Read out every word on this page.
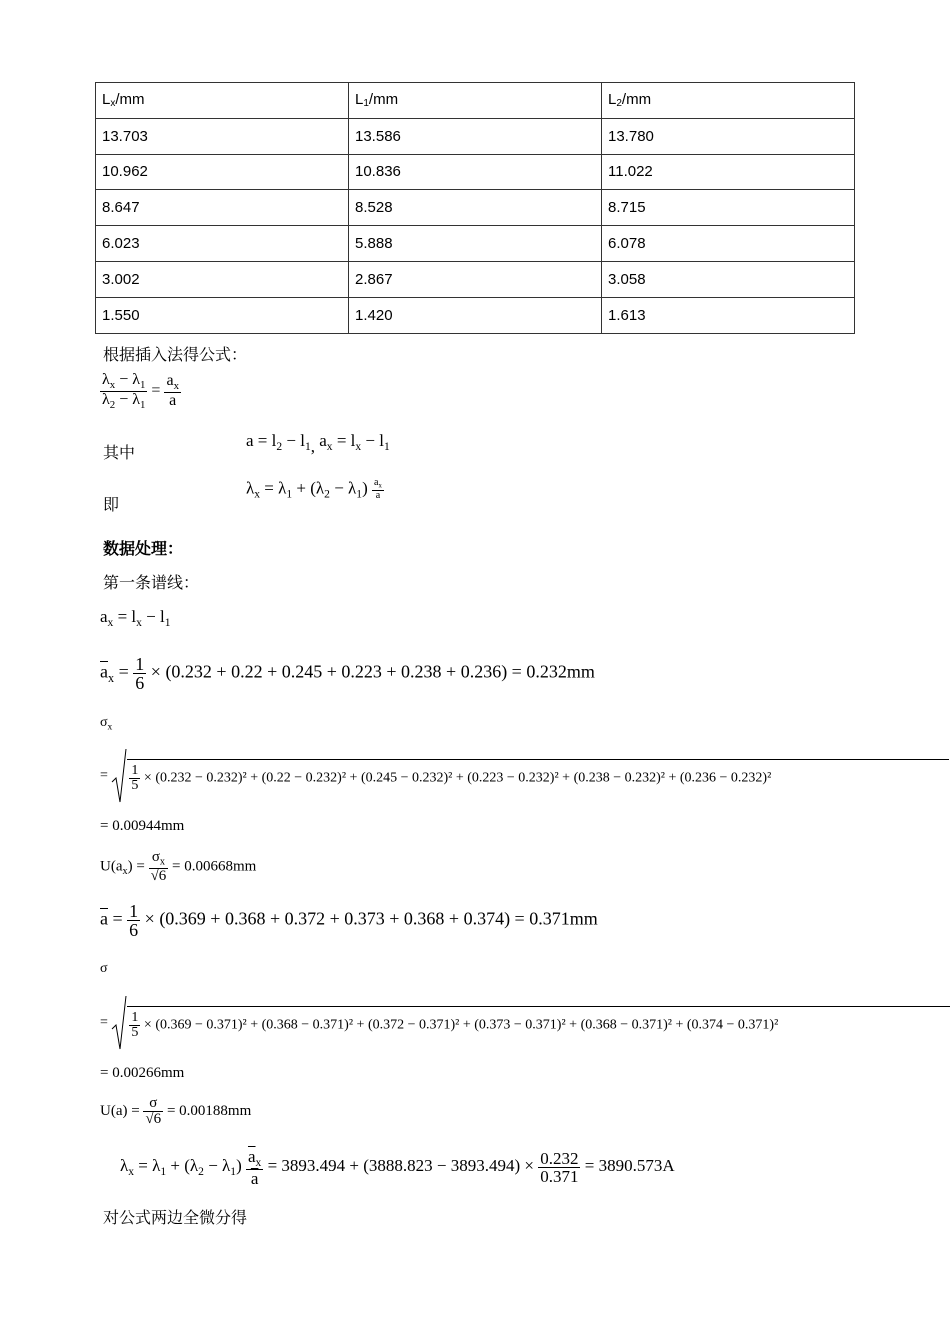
$L_x/mm$	$L_1/mm$	$L_2/mm$
13.703	13.586	13.780
10.962	10.836	11.022
8.647	8.528	8.715
6.023	5.888	6.078
3.002	2.867	3.058
1.550	1.420	1.613
根据插入法得公式：
$\frac{\lambda_x - \lambda_1}{\lambda_2 - \lambda_1} = \frac{a_x}{a}$
其中
$a = l_2 - l_1$, $a_x = l_x - l_1$
即
$\lambda_x = \lambda_1 + (\lambda_2 - \lambda_1) \frac{a_x}{a}$
数据处理：
第一条谱线：
$a_x = l_x - l_1$
$\overline{a}_x = \frac{1}{6} \times (0.232 + 0.22 + 0.245 + 0.223 + 0.238 + 0.236) = 0.232mm$
$\sigma_x$
= $\frac{1}{5} \times (0.232 - 0.232)^2 + (0.22 - 0.232)^2 + (0.245 - 0.232)^2 + (0.223 - 0.232)^2 + (0.238 - 0.232)^2 + (0.236 - 0.232)^2$
= 0.00944mm
$U(a_x) = \frac{\sigma_x}{√6} = 0.00668mm$
$\overline{a} = \frac{1}{6} \times (0.369 + 0.368 + 0.372 + 0.373 + 0.368 + 0.374) = 0.371mm$
σ
= $\frac{1}{5} \times (0.369 - 0.371)^2 + (0.368 - 0.371)^2 + (0.372 - 0.371)^2 + (0.373 - 0.371)^2 + (0.368 - 0.371)^2 + (0.374 - 0.371)^2$
= 0.00266mm
$U(a) = \frac{\sigma}{√6} = 0.00188mm$
$\lambda_x = \lambda_1 + (\lambda_2 - \lambda_1) \frac{\overline{a}_x}{a} = 3893.494 + (3888.823 - 3893.494) \times \frac{0.232}{0.371} = 3890.573A$
对公式两边全微分得
